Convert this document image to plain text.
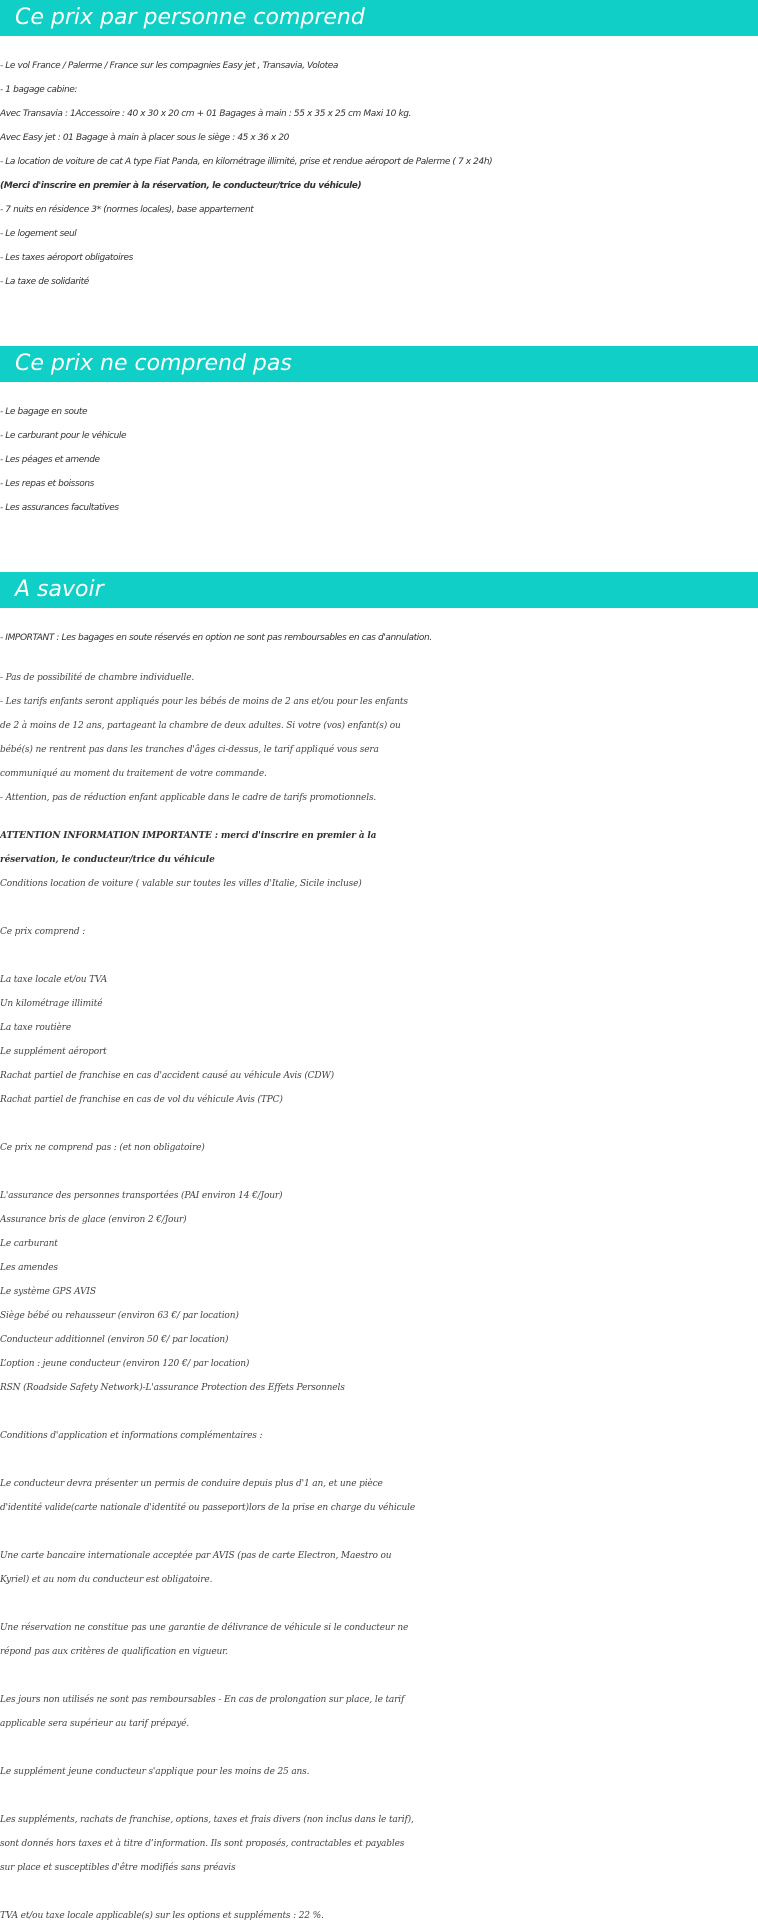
Ce prix par personne comprend
- Le vol France / Palerme / France sur les compagnies Easy jet , Transavia, Volotea
- 1 bagage cabine:
Avec Transavia : 1Accessoire : 40 x 30 x 20 cm + 01 Bagages à main : 55 x 35 x 25 cm Maxi 10 kg.
Avec Easy jet : 01 Bagage à main à placer sous le siège : 45 x 36 x 20
- La location de voiture de cat A type Fiat Panda, en kilométrage illimité, prise et rendue aéroport de Palerme ( 7 x 24h)
(Merci d'inscrire en premier à la réservation, le conducteur/trice du véhicule)
- 7 nuits en résidence 3* (normes locales), base appartement
- Le logement seul
- Les taxes aéroport obligatoires
- La taxe de solidarité
Ce prix ne comprend pas
- Le bagage en soute
- Le carburant pour le véhicule
- Les péages et amende
- Les repas et boissons
- Les assurances facultatives
A savoir
- IMPORTANT : Les bagages en soute réservés en option ne sont pas remboursables en cas d'annulation.
- Pas de possibilité de chambre individuelle.
- Les tarifs enfants seront appliqués pour les bébés de moins de 2 ans et/ou pour les enfants
de 2 à moins de 12 ans, partageant la chambre de deux adultes. Si votre (vos) enfant(s) ou
bébé(s) ne rentrent pas dans les tranches d'âges ci-dessus, le tarif appliqué vous sera
communiqué au moment du traitement de votre commande.
- Attention, pas de réduction enfant applicable dans le cadre de tarifs promotionnels.
ATTENTION INFORMATION IMPORTANTE : merci d'inscrire en premier à la
réservation, le conducteur/trice du véhicule
Conditions location de voiture ( valable sur toutes les villes d'Italie, Sicile incluse)
Ce prix comprend :
La taxe locale et/ou TVA
Un kilométrage illimité
La taxe routière
Le supplément aéroport
Rachat partiel de franchise en cas d'accident causé au véhicule Avis (CDW)
Rachat partiel de franchise en cas de vol du véhicule Avis (TPC)
Ce prix ne comprend pas : (et non obligatoire)
L'assurance des personnes transportées (PAI environ 14 €/Jour)
Assurance bris de glace (environ 2 €/Jour)
Le carburant
Les amendes
Le système GPS AVIS
Siège bébé ou rehausseur (environ 63 €/ par location)
Conducteur additionnel (environ 50 €/ par location)
L’option : jeune conducteur (environ 120 €/ par location)
RSN (Roadside Safety Network)-L'assurance Protection des Effets Personnels
Conditions d'application et informations complémentaires :
Le conducteur devra présenter un permis de conduire depuis plus d'1 an, et une pièce
d'identité valide(carte nationale d'identité ou passeport)lors de la prise en charge du véhicule
Une carte bancaire internationale acceptée par AVIS (pas de carte Electron, Maestro ou
Kyriel) et au nom du conducteur est obligatoire.
Une réservation ne constitue pas une garantie de délivrance de véhicule si le conducteur ne
répond pas aux critères de qualification en vigueur.
Les jours non utilisés ne sont pas remboursables - En cas de prolongation sur place, le tarif
applicable sera supérieur au tarif prépayé.
Le supplément jeune conducteur s'applique pour les moins de 25 ans.
Les suppléments, rachats de franchise, options, taxes et frais divers (non inclus dans le tarif),
sont donnés hors taxes et à titre d’information. Ils sont proposés, contractables et payables
sur place et susceptibles d'être modifiés sans préavis
TVA et/ou taxe locale applicable(s) sur les options et suppléments : 22 %.
